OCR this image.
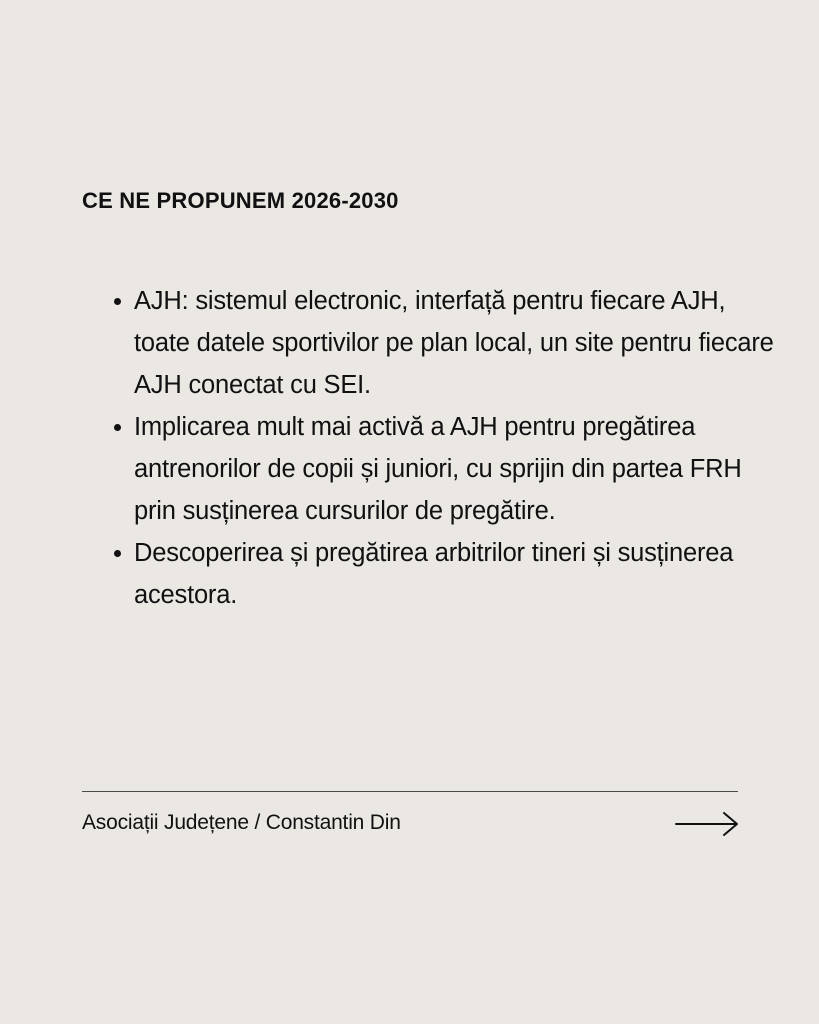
CE NE PROPUNEM 2026-2030
AJH: sistemul electronic, interfață pentru fiecare AJH, toate datele sportivilor pe plan local, un site pentru fiecare AJH conectat cu SEI.
Implicarea mult mai activă a AJH pentru pregătirea antrenorilor de copii și juniori, cu sprijin din partea FRH prin susținerea cursurilor de pregătire.
Descoperirea și pregătirea arbitrilor tineri și susținerea acestora.
Asociații Județene / Constantin Din
